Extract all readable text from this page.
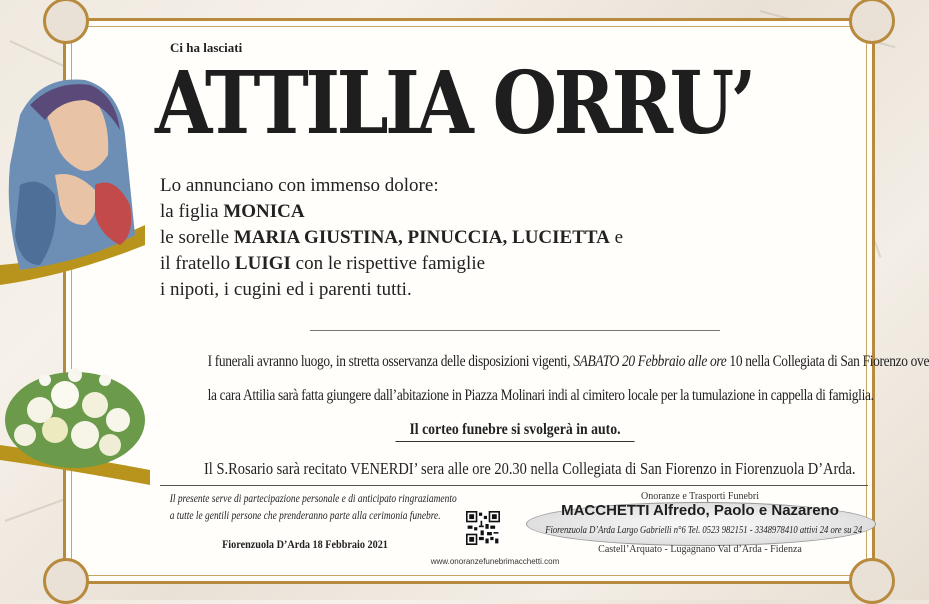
Ci ha lasciati
ATTILIA ORRU’
Lo annunciano con immenso dolore:
la figlia MONICA
le sorelle MARIA GIUSTINA, PINUCCIA, LUCIETTA e
il fratello LUIGI con le rispettive famiglie
i nipoti, i cugini ed i parenti tutti.
I funerali avranno luogo, in stretta osservanza delle disposizioni vigenti, SABATO 20 Febbraio alle ore 10 nella Collegiata di San Fiorenzo ove
la cara Attilia sarà fatta giungere dall’abitazione in Piazza Molinari indi al cimitero locale per la tumulazione in cappella di famiglia.
Il corteo funebre si svolgerà in auto.
Il S.Rosario sarà recitato VENERDI’ sera alle ore 20.30 nella Collegiata di San Fiorenzo in Fiorenzuola D’Arda.
Il presente serve di partecipazione personale e di anticipato ringraziamento
a tutte le gentili persone che prenderanno parte alla cerimonia funebre.
Fiorenzuola D’Arda 18 Febbraio 2021
www.onoranzefunebrimacchetti.com
Onoranze e Trasporti Funebri
MACCHETTI Alfredo, Paolo e Nazareno
Fiorenzuola D’Arda Largo Gabrielli n°6 Tel. 0523 982151 - 3348978410 attivi 24 ore su 24
Castell’Arquato - Lugagnano Val d’Arda - Fidenza
